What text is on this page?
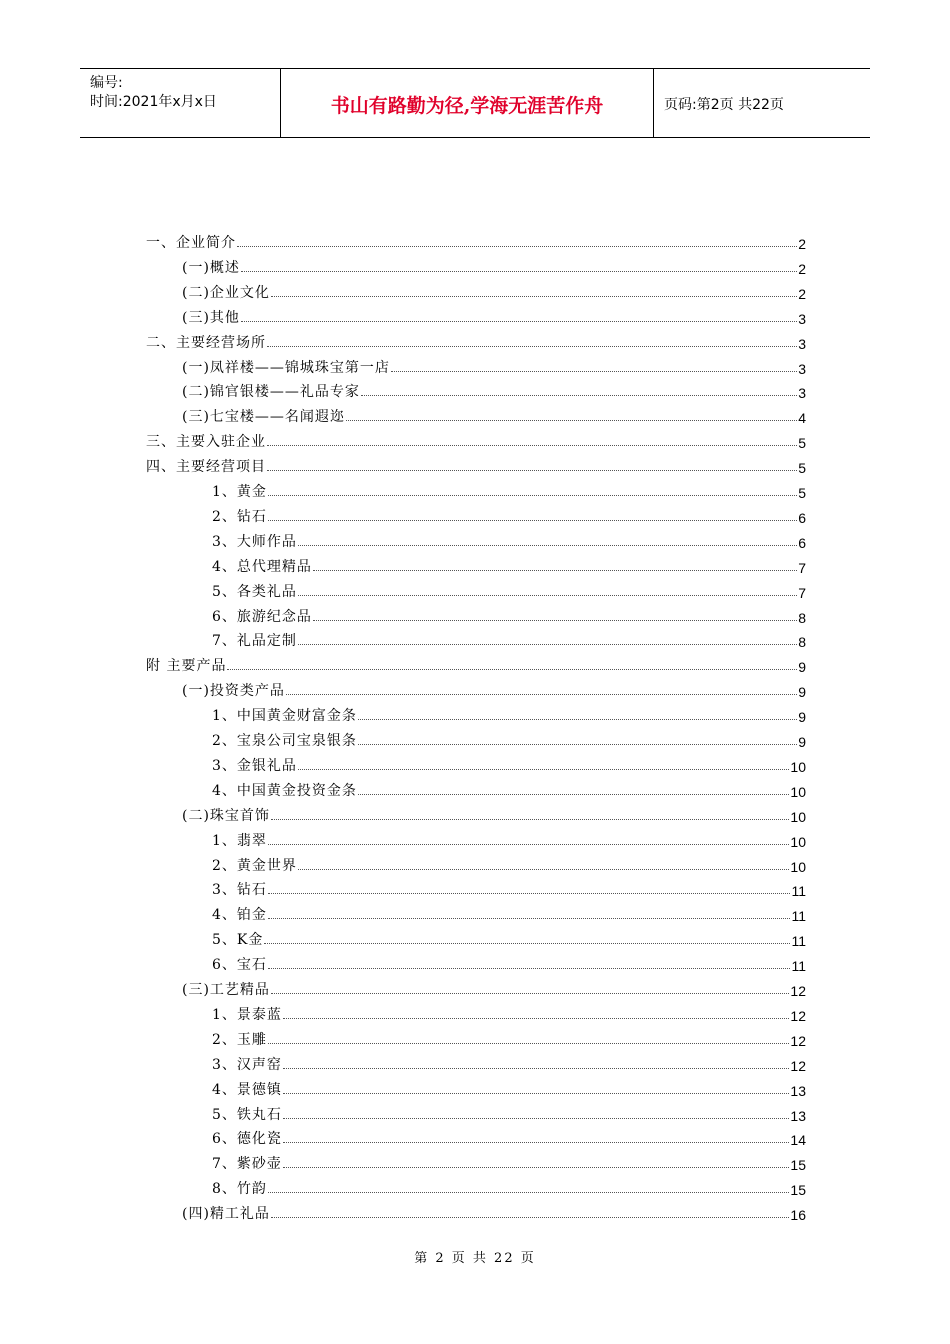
编号:
时间:2021年x月x日	书山有路勤为径,学海无涯苦作舟	页码:第2页 共22页
一、企业简介	2
(一)概述	2
(二)企业文化	2
(三)其他	3
二、主要经营场所	3
(一)凤祥楼——锦城珠宝第一店	3
(二)锦官银楼——礼品专家	3
(三)七宝楼——名闻遐迩	4
三、主要入驻企业	5
四、主要经营项目	5
1、黄金	5
2、钻石	6
3、大师作品	6
4、总代理精品	7
5、各类礼品	7
6、旅游纪念品	8
7、礼品定制	8
附 主要产品	9
(一)投资类产品	9
1、中国黄金财富金条	9
2、宝泉公司宝泉银条	9
3、金银礼品	10
4、中国黄金投资金条	10
(二)珠宝首饰	10
1、翡翠	10
2、黄金世界	10
3、钻石	11
4、铂金	11
5、K金	11
6、宝石	11
(三)工艺精品	12
1、景泰蓝	12
2、玉雕	12
3、汉声窑	12
4、景德镇	13
5、铁丸石	13
6、德化瓷	14
7、紫砂壶	15
8、竹韵	15
(四)精工礼品	16
第 2 页 共 22 页
